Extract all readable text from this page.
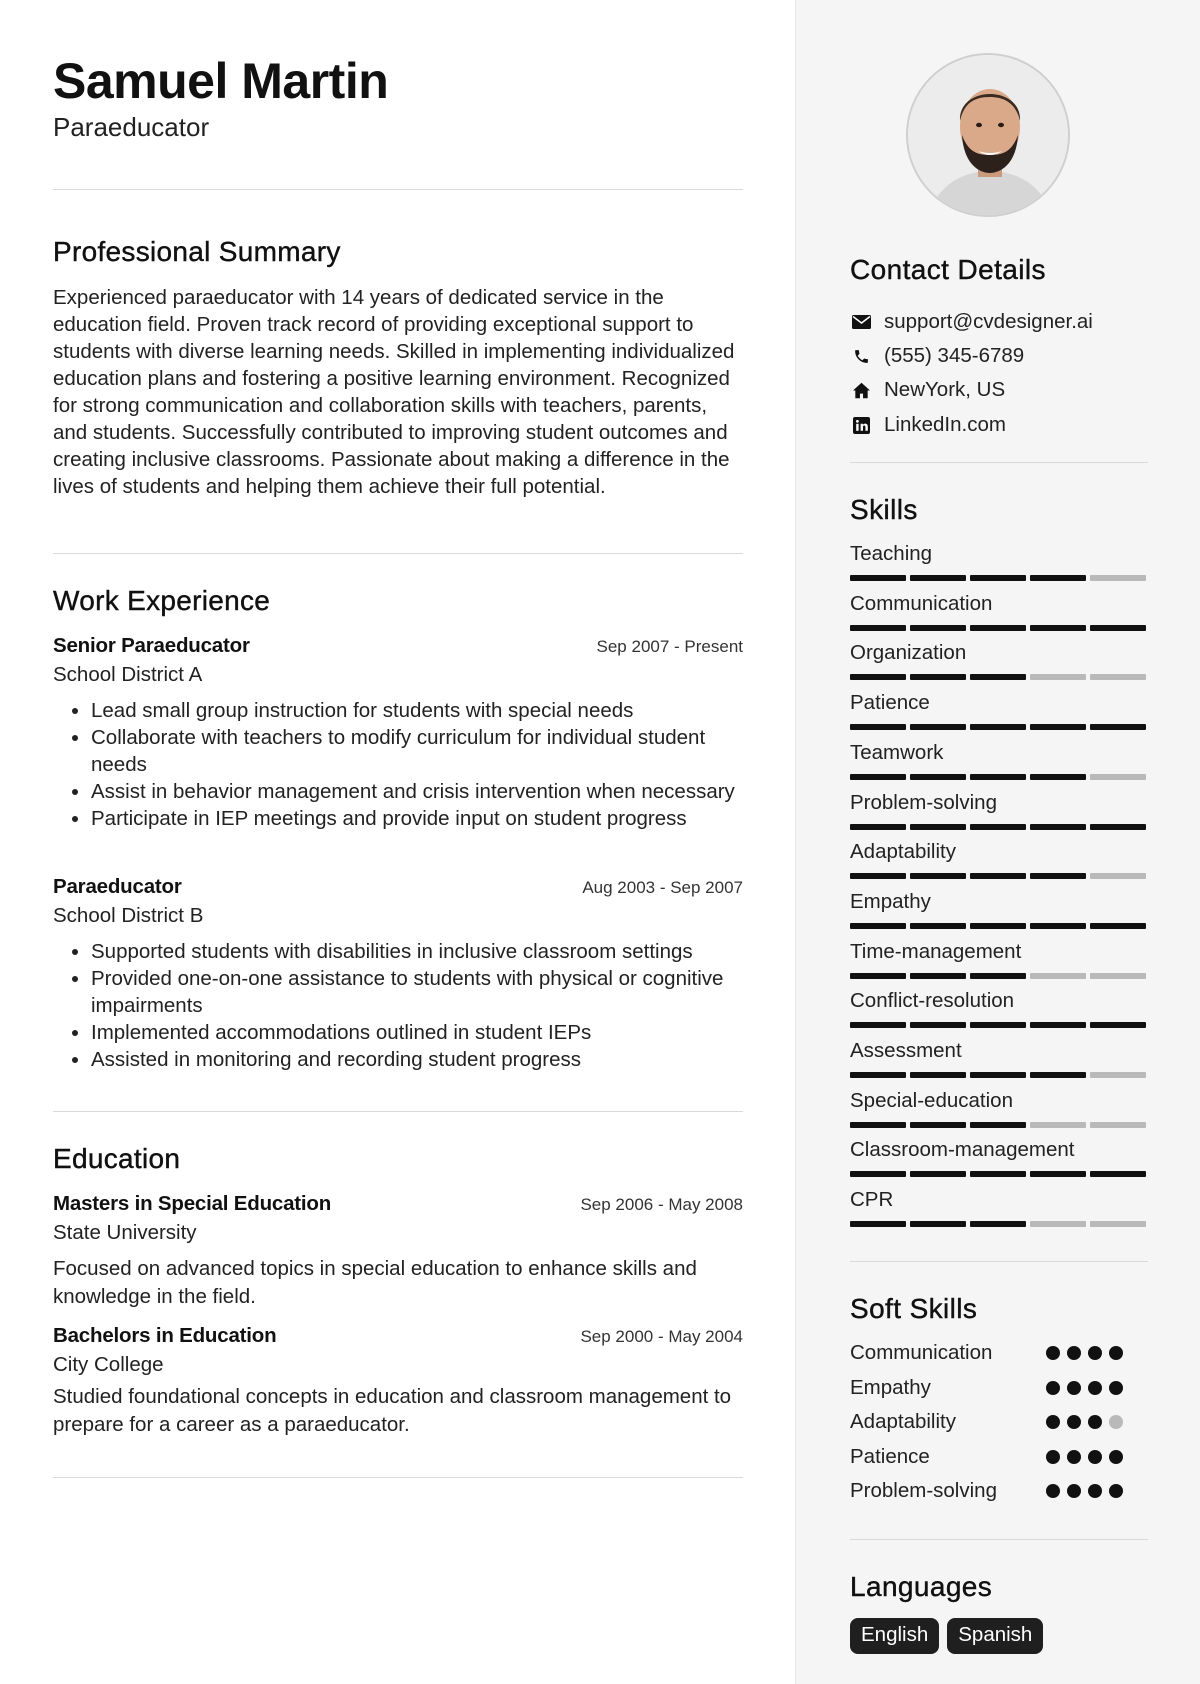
Samuel Martin
Paraeducator
Professional Summary
Experienced paraeducator with 14 years of dedicated service in the education field. Proven track record of providing exceptional support to students with diverse learning needs. Skilled in implementing individualized education plans and fostering a positive learning environment. Recognized for strong communication and collaboration skills with teachers, parents, and students. Successfully contributed to improving student outcomes and creating inclusive classrooms. Passionate about making a difference in the lives of students and helping them achieve their full potential.
Work Experience
Senior Paraeducator	Sep 2007 - Present
School District A
• Lead small group instruction for students with special needs
• Collaborate with teachers to modify curriculum for individual student needs
• Assist in behavior management and crisis intervention when necessary
• Participate in IEP meetings and provide input on student progress
Paraeducator	Aug 2003 - Sep 2007
School District B
• Supported students with disabilities in inclusive classroom settings
• Provided one-on-one assistance to students with physical or cognitive impairments
• Implemented accommodations outlined in student IEPs
• Assisted in monitoring and recording student progress
Education
Masters in Special Education	Sep 2006 - May 2008
State University
Focused on advanced topics in special education to enhance skills and knowledge in the field.
Bachelors in Education	Sep 2000 - May 2004
City College
Studied foundational concepts in education and classroom management to prepare for a career as a paraeducator.
Contact Details
support@cvdesigner.ai
(555) 345-6789
NewYork, US
LinkedIn.com
Skills
Teaching
Communication
Organization
Patience
Teamwork
Problem-solving
Adaptability
Empathy
Time-management
Conflict-resolution
Assessment
Special-education
Classroom-management
CPR
Soft Skills
Communication
Empathy
Adaptability
Patience
Problem-solving
Languages
English	Spanish
